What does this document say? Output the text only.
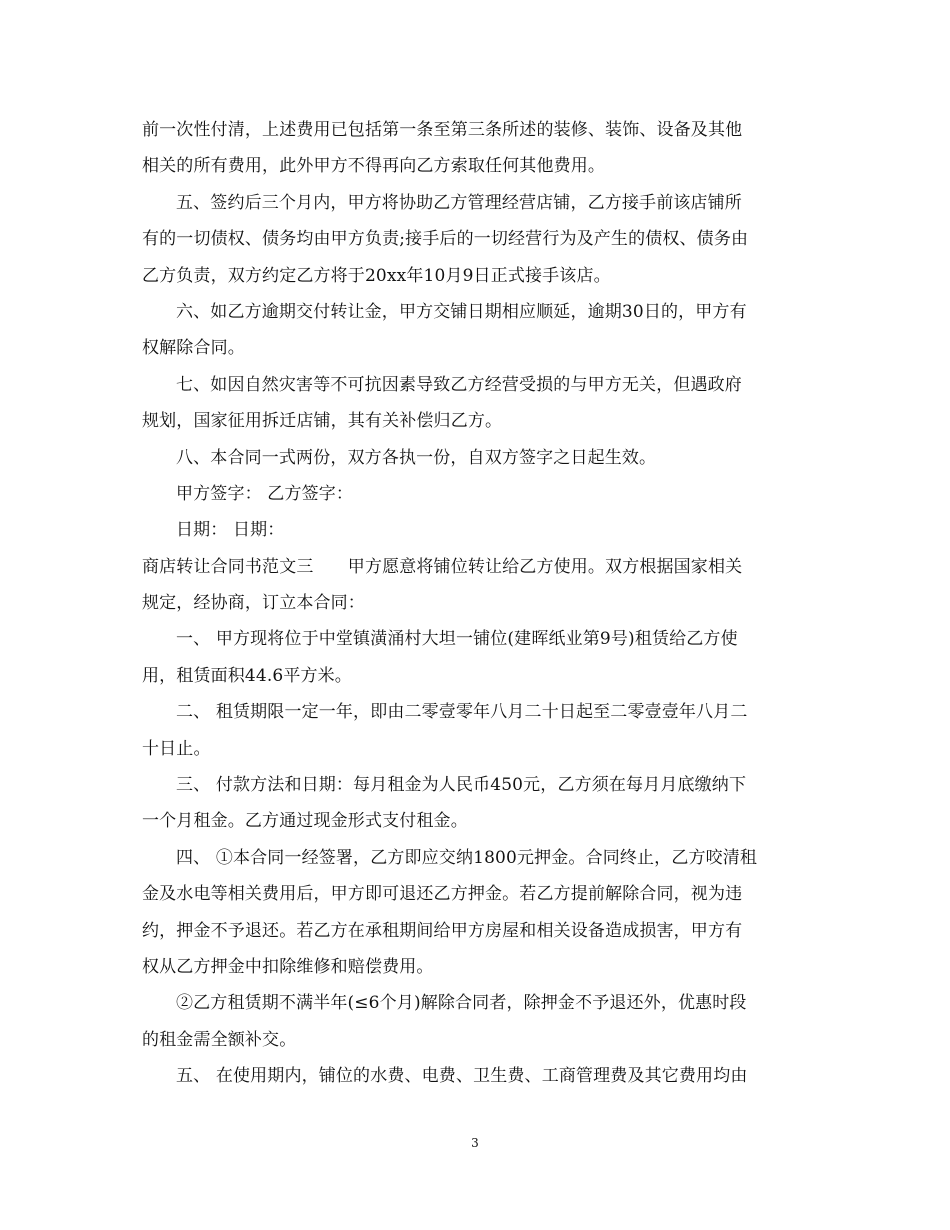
前一次性付清，上述费用已包括第一条至第三条所述的装修、装饰、设备及其他
相关的所有费用，此外甲方不得再向乙方索取任何其他费用。
五、签约后三个月内，甲方将协助乙方管理经营店铺，乙方接手前该店铺所
有的一切债权、债务均由甲方负责;接手后的一切经营行为及产生的债权、债务由
乙方负责，双方约定乙方将于20xx年10月9日正式接手该店。
六、如乙方逾期交付转让金，甲方交铺日期相应顺延，逾期30日的，甲方有
权解除合同。
七、如因自然灾害等不可抗因素导致乙方经营受损的与甲方无关，但遇政府
规划，国家征用拆迁店铺，其有关补偿归乙方。
八、本合同一式两份，双方各执一份，自双方签字之日起生效。
甲方签字： 乙方签字：
日期： 日期：
商店转让合同书范文三　　甲方愿意将铺位转让给乙方使用。双方根据国家相关
规定，经协商，订立本合同：
一、 甲方现将位于中堂镇潢涌村大坦一铺位(建晖纸业第9号)租赁给乙方使
用，租赁面积44.6平方米。
二、 租赁期限一定一年，即由二零壹零年八月二十日起至二零壹壹年八月二
十日止。
三、 付款方法和日期：每月租金为人民币450元，乙方须在每月月底缴纳下
一个月租金。乙方通过现金形式支付租金。
四、 ①本合同一经签署，乙方即应交纳1800元押金。合同终止，乙方咬清租
金及水电等相关费用后，甲方即可退还乙方押金。若乙方提前解除合同，视为违
约，押金不予退还。若乙方在承租期间给甲方房屋和相关设备造成损害，甲方有
权从乙方押金中扣除维修和赔偿费用。
②乙方租赁期不满半年(≤6个月)解除合同者，除押金不予退还外，优惠时段
的租金需全额补交。
五、 在使用期内，铺位的水费、电费、卫生费、工商管理费及其它费用均由
3
